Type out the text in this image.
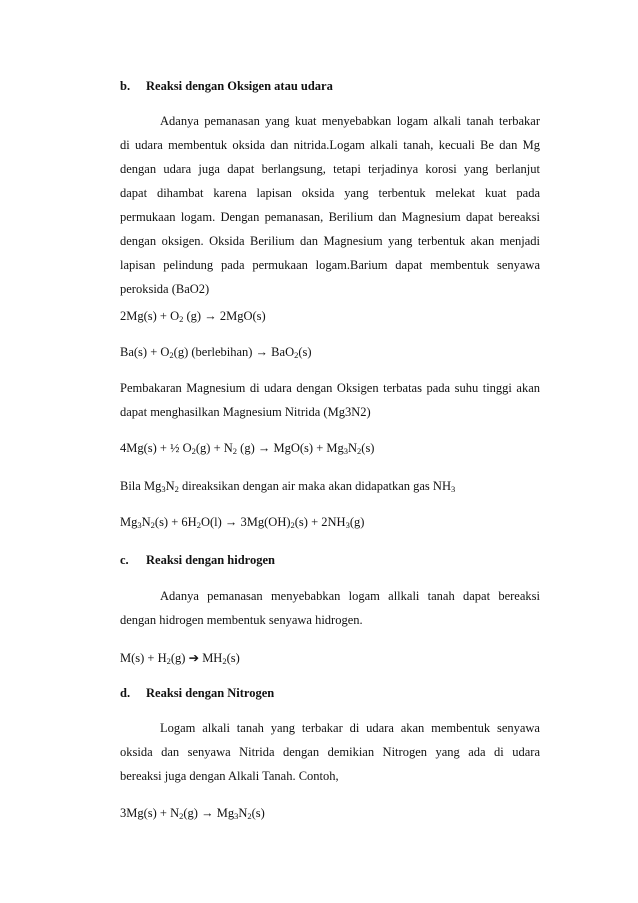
b. Reaksi dengan Oksigen atau udara
Adanya pemanasan yang kuat menyebabkan logam alkali tanah terbakar
di udara membentuk oksida dan nitrida.Logam alkali tanah, kecuali Be dan Mg
dengan udara juga dapat berlangsung, tetapi terjadinya korosi yang berlanjut
dapat dihambat karena lapisan oksida yang terbentuk melekat kuat pada
permukaan logam. Dengan pemanasan, Berilium dan Magnesium dapat bereaksi
dengan oksigen. Oksida Berilium dan Magnesium yang terbentuk akan menjadi
lapisan pelindung pada permukaan logam.Barium dapat membentuk senyawa
peroksida (BaO2)
$2Mg(s) + O_2$ (g) → 2MgO(s)
$Ba(s) + O_2(g)$ (berlebihan) → BaO$_2$(s)
Pembakaran Magnesium di udara dengan Oksigen terbatas pada suhu tinggi akan
dapat menghasilkan Magnesium Nitrida (Mg3N2)
4Mg(s) + ½ $O_2(g) + N_2$ $(g) \to MgO(s) + Mg_3N_2(s)$
Bila $Mg_3N_2$ direaksikan dengan air maka akan didapatkan gas $NH_3$
$Mg_3N_2(s) + 6H_2O(l) \to 3Mg(OH)_2(s) + 2NH_3(g)$
c. Reaksi dengan hidrogen
Adanya pemanasan menyebabkan logam allkali tanah dapat bereaksi
dengan hidrogen membentuk senyawa hidrogen.
$M(s) + H_2(g)$ ➔ $MH_2(s)$
d. Reaksi dengan Nitrogen
Logam alkali tanah yang terbakar di udara akan membentuk senyawa
oksida dan senyawa Nitrida dengan demikian Nitrogen yang ada di udara
bereaksi juga dengan Alkali Tanah. Contoh,
$3Mg(s) + N_2(g) \to Mg_3N_2(s)$
